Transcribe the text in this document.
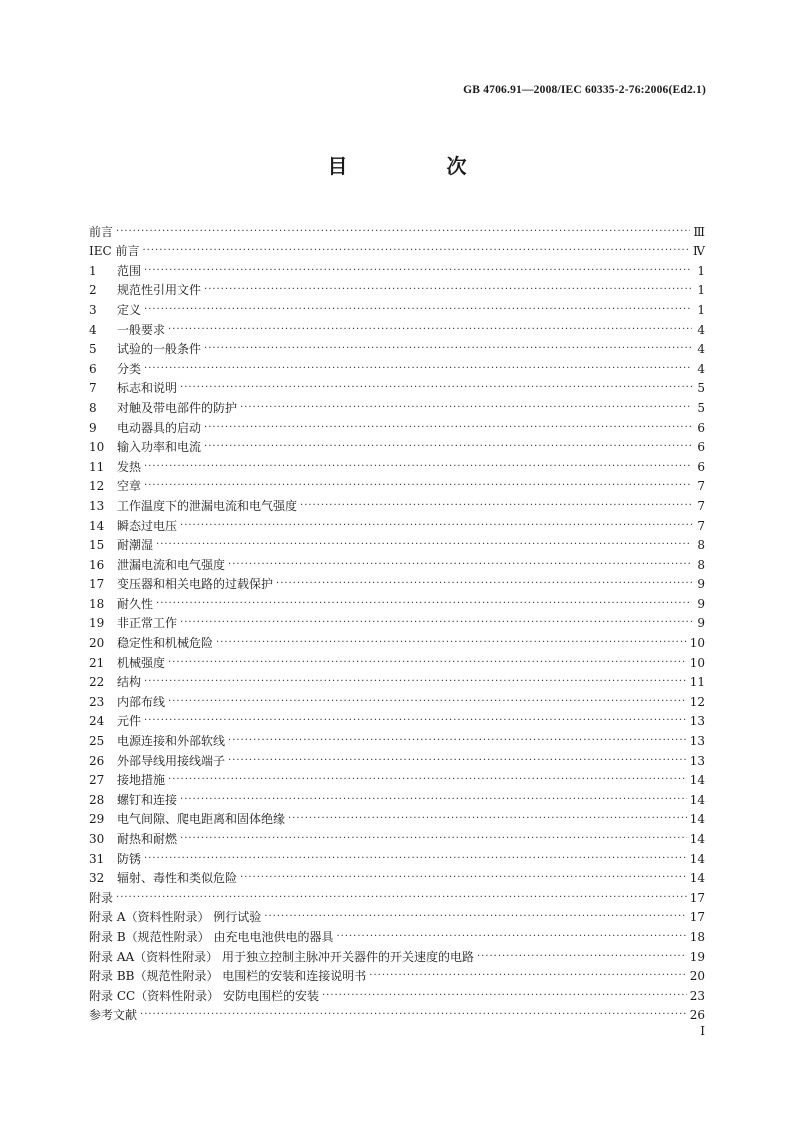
GB 4706.91—2008/IEC 60335-2-76:2006(Ed2.1)
目 次
前言 ·····	Ⅲ
IEC 前言 ·····	Ⅳ
1	范围 ·····	1
2	规范性引用文件 ·····	1
3	定义 ·····	1
4	一般要求 ·····	4
5	试验的一般条件 ·····	4
6	分类 ·····	4
7	标志和说明 ·····	5
8	对触及带电部件的防护 ·····	5
9	电动器具的启动 ·····	6
10	输入功率和电流 ·····	6
11	发热 ·····	6
12	空章 ·····	7
13	工作温度下的泄漏电流和电气强度 ·····	7
14	瞬态过电压 ·····	7
15	耐潮湿 ·····	8
16	泄漏电流和电气强度 ·····	8
17	变压器和相关电路的过载保护 ·····	9
18	耐久性 ·····	9
19	非正常工作 ·····	9
20	稳定性和机械危险 ·····	10
21	机械强度 ·····	10
22	结构 ·····	11
23	内部布线 ·····	12
24	元件 ·····	13
25	电源连接和外部软线 ·····	13
26	外部导线用接线端子 ·····	13
27	接地措施 ·····	14
28	螺钉和连接 ·····	14
29	电气间隙、爬电距离和固体绝缘 ·····	14
30	耐热和耐燃 ·····	14
31	防锈 ·····	14
32	辐射、毒性和类似危险 ·····	14
附录 ·····	17
附录 A（资料性附录） 例行试验 ·····	17
附录 B（规范性附录） 由充电电池供电的器具 ·····	18
附录 AA（资料性附录） 用于独立控制主脉冲开关器件的开关速度的电路 ·····	19
附录 BB（规范性附录） 电围栏的安装和连接说明书 ·····	20
附录 CC（资料性附录） 安防电围栏的安装 ·····	23
参考文献 ·····	26
I
